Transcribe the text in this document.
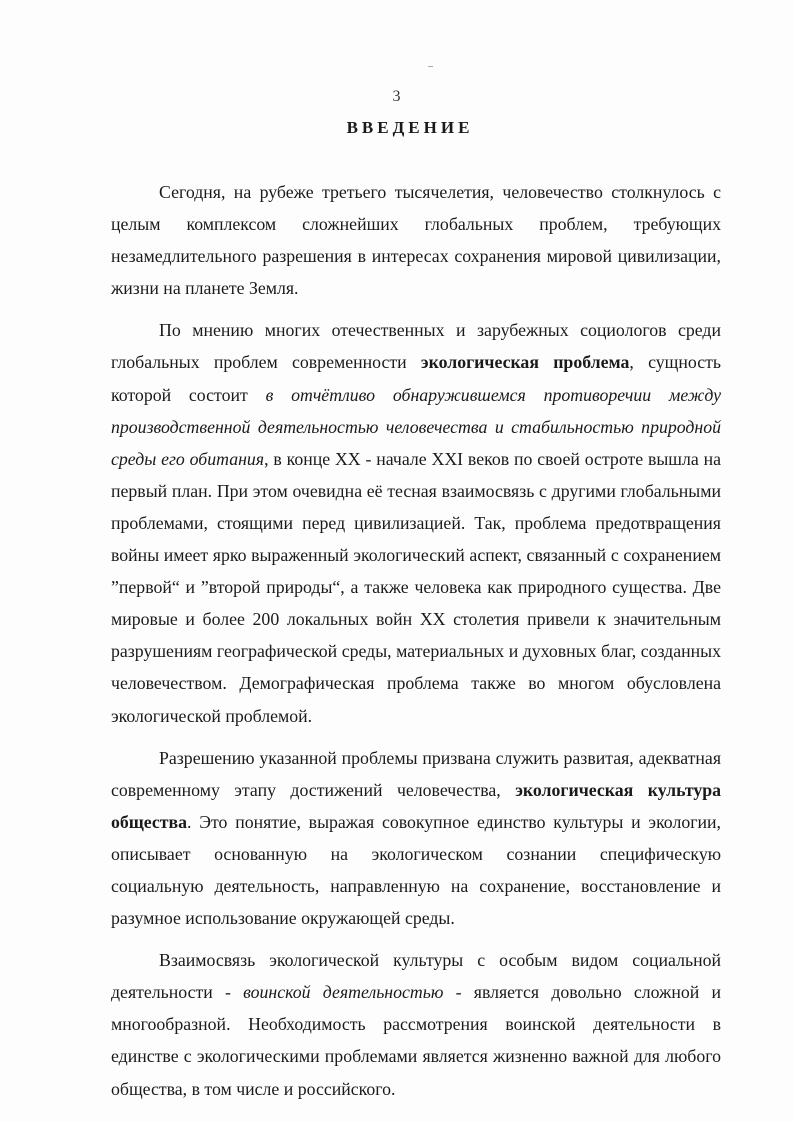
3
ВВЕДЕНИЕ

Сегодня, на рубеже третьего тысячелетия, человечество столкнулось с целым комплексом сложнейших глобальных проблем, требующих незамедлительного разрешения в интересах сохранения мировой цивилизации, жизни на планете Земля.

По мнению многих отечественных и зарубежных социологов среди глобальных проблем современности экологическая проблема, сущность которой состоит в отчётливо обнаружившемся противоречии между производственной деятельностью человечества и стабильностью природной среды его обитания, в конце XX - начале XXI веков по своей остроте вышла на первый план. При этом очевидна её тесная взаимосвязь с другими глобальными проблемами, стоящими перед цивилизацией. Так, проблема предотвращения войны имеет ярко выраженный экологический аспект, связанный с сохранением ”первой“ и ”второй природы“, а также человека как природного существа. Две мировые и более 200 локальных войн XX столетия привели к значительным разрушениям географической среды, материальных и духовных благ, созданных человечеством. Демографическая проблема также во многом обусловлена экологической проблемой.

Разрешению указанной проблемы призвана служить развитая, адекватная современному этапу достижений человечества, экологическая культура общества. Это понятие, выражая совокупное единство культуры и экологии, описывает основанную на экологическом сознании специфическую социальную деятельность, направленную на сохранение, восстановление и разумное использование окружающей среды.

Взаимосвязь экологической культуры с особым видом социальной деятельности - воинской деятельностью - является довольно сложной и многообразной. Необходимость рассмотрения воинской деятельности в единстве с экологическими проблемами является жизненно важной для любого общества, в том числе и российского.
